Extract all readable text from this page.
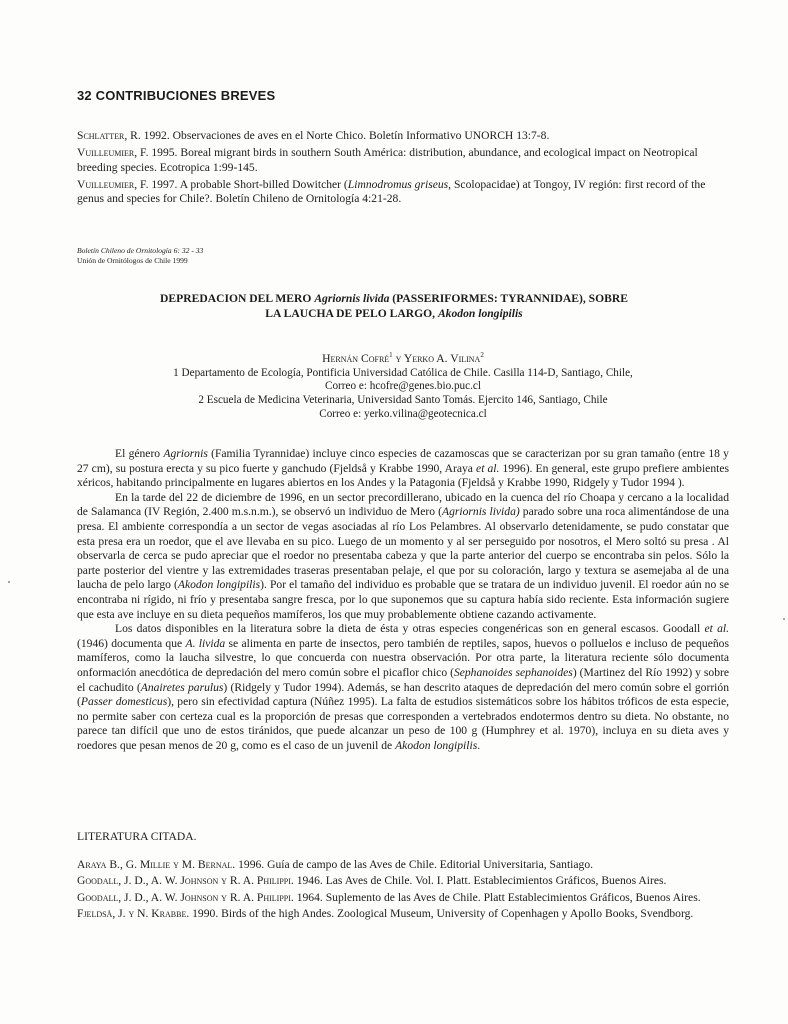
32 CONTRIBUCIONES BREVES

Schlatter, R. 1992. Observaciones de aves en el Norte Chico. Boletín Informativo UNORCH 13:7-8.

Vuilleumier, F. 1995. Boreal migrant birds in southern South América: distribution, abundance, and ecological impact on Neotropical breeding species. Ecotropica 1:99-145.

Vuilleumier, F. 1997. A probable Short-billed Dowitcher (Limnodromus griseus, Scolopacidae) at Tongoy, IV región: first record of the genus and species for Chile?. Boletín Chileno de Ornitología 4:21-28.

Boletín Chileno de Ornitología 6: 32 - 33
Unión de Ornitólogos de Chile 1999
DEPREDACION DEL MERO Agriornis livida (PASSERIFORMES: TYRANNIDAE), SOBRE
LA LAUCHA DE PELO LARGO, Akodon longipilis
Hernán Cofré$^1$ y Yerko A. Vilina$^2$
1 Departamento de Ecología, Pontificia Universidad Católica de Chile. Casilla 114-D, Santiago, Chile,
Correo e: hcofre@genes.bio.puc.cl
2 Escuela de Medicina Veterinaria, Universidad Santo Tomás. Ejercito 146, Santiago, Chile
Correo e: yerko.vilina@geotecnica.cl

El género Agriornis (Familia Tyrannidae) incluye cinco especies de cazamoscas que se caracterizan por su gran tamaño (entre 18 y 27 cm), su postura erecta y su pico fuerte y ganchudo (Fjeldså y Krabbe 1990, Araya et al. 1996). En general, este grupo prefiere ambientes xéricos, habitando principalmente en lugares abiertos en los Andes y la Patagonia (Fjeldså y Krabbe 1990, Ridgely y Tudor 1994 ).

En la tarde del 22 de diciembre de 1996, en un sector precordillerano, ubicado en la cuenca del río Choapa y cercano a la localidad de Salamanca (IV Región, 2.400 m.s.n.m.), se observó un individuo de Mero (Agriornis livida) parado sobre una roca alimentándose de una presa. El ambiente correspondía a un sector de vegas asociadas al río Los Pelambres. Al observarlo detenidamente, se pudo constatar que esta presa era un roedor, que el ave llevaba en su pico. Luego de un momento y al ser perseguido por nosotros, el Mero soltó su presa . Al observarla de cerca se pudo apreciar que el roedor no presentaba cabeza y que la parte anterior del cuerpo se encontraba sin pelos. Sólo la parte posterior del vientre y las extremidades traseras presentaban pelaje, el que por su coloración, largo y textura se asemejaba al de una laucha de pelo largo (Akodon longipilis). Por el tamaño del individuo es probable que se tratara de un individuo juvenil. El roedor aún no se encontraba ni rígido, ni frío y presentaba sangre fresca, por lo que suponemos que su captura había sido reciente. Esta información sugiere que esta ave incluye en su dieta pequeños mamíferos, los que muy probablemente obtiene cazando activamente.

Los datos disponibles en la literatura sobre la dieta de ésta y otras especies congenéricas son en general escasos. Goodall et al. (1946) documenta que A. livida se alimenta en parte de insectos, pero también de reptiles, sapos, huevos o polluelos e incluso de pequeños mamíferos, como la laucha silvestre, lo que concuerda con nuestra observación. Por otra parte, la literatura reciente sólo documenta onformación anecdótica de depredación del mero común sobre el picaflor chico (Sephanoides sephanoides) (Martinez del Río 1992) y sobre el cachudito (Anairetes parulus) (Ridgely y Tudor 1994). Además, se han descrito ataques de depredación del mero común sobre el gorrión (Passer domesticus), pero sin efectividad captura (Núñez 1995). La falta de estudios sistemáticos sobre los hábitos tróficos de esta especie, no permite saber con certeza cual es la proporción de presas que corresponden a vertebrados endotermos dentro su dieta. No obstante, no parece tan difícil que uno de estos tiránidos, que puede alcanzar un peso de 100 g (Humphrey et al. 1970), incluya en su dieta aves y roedores que pesan menos de 20 g, como es el caso de un juvenil de Akodon longipilis.

LITERATURA CITADA.

Araya B., G. Millie y M. Bernal. 1996. Guía de campo de las Aves de Chile. Editorial Universitaria, Santiago.

Goodall, J. D., A. W. Johnson y R. A. Philippi. 1946. Las Aves de Chile. Vol. I. Platt. Establecimientos Gráficos, Buenos Aires.

Goodall, J. D., A. W. Johnson y R. A. Philippi. 1964. Suplemento de las Aves de Chile. Platt Establecimientos Gráficos, Buenos Aires.

Fjeldså, J. y N. Krabbe. 1990. Birds of the high Andes. Zoological Museum, University of Copenhagen y Apollo Books, Svendborg.
